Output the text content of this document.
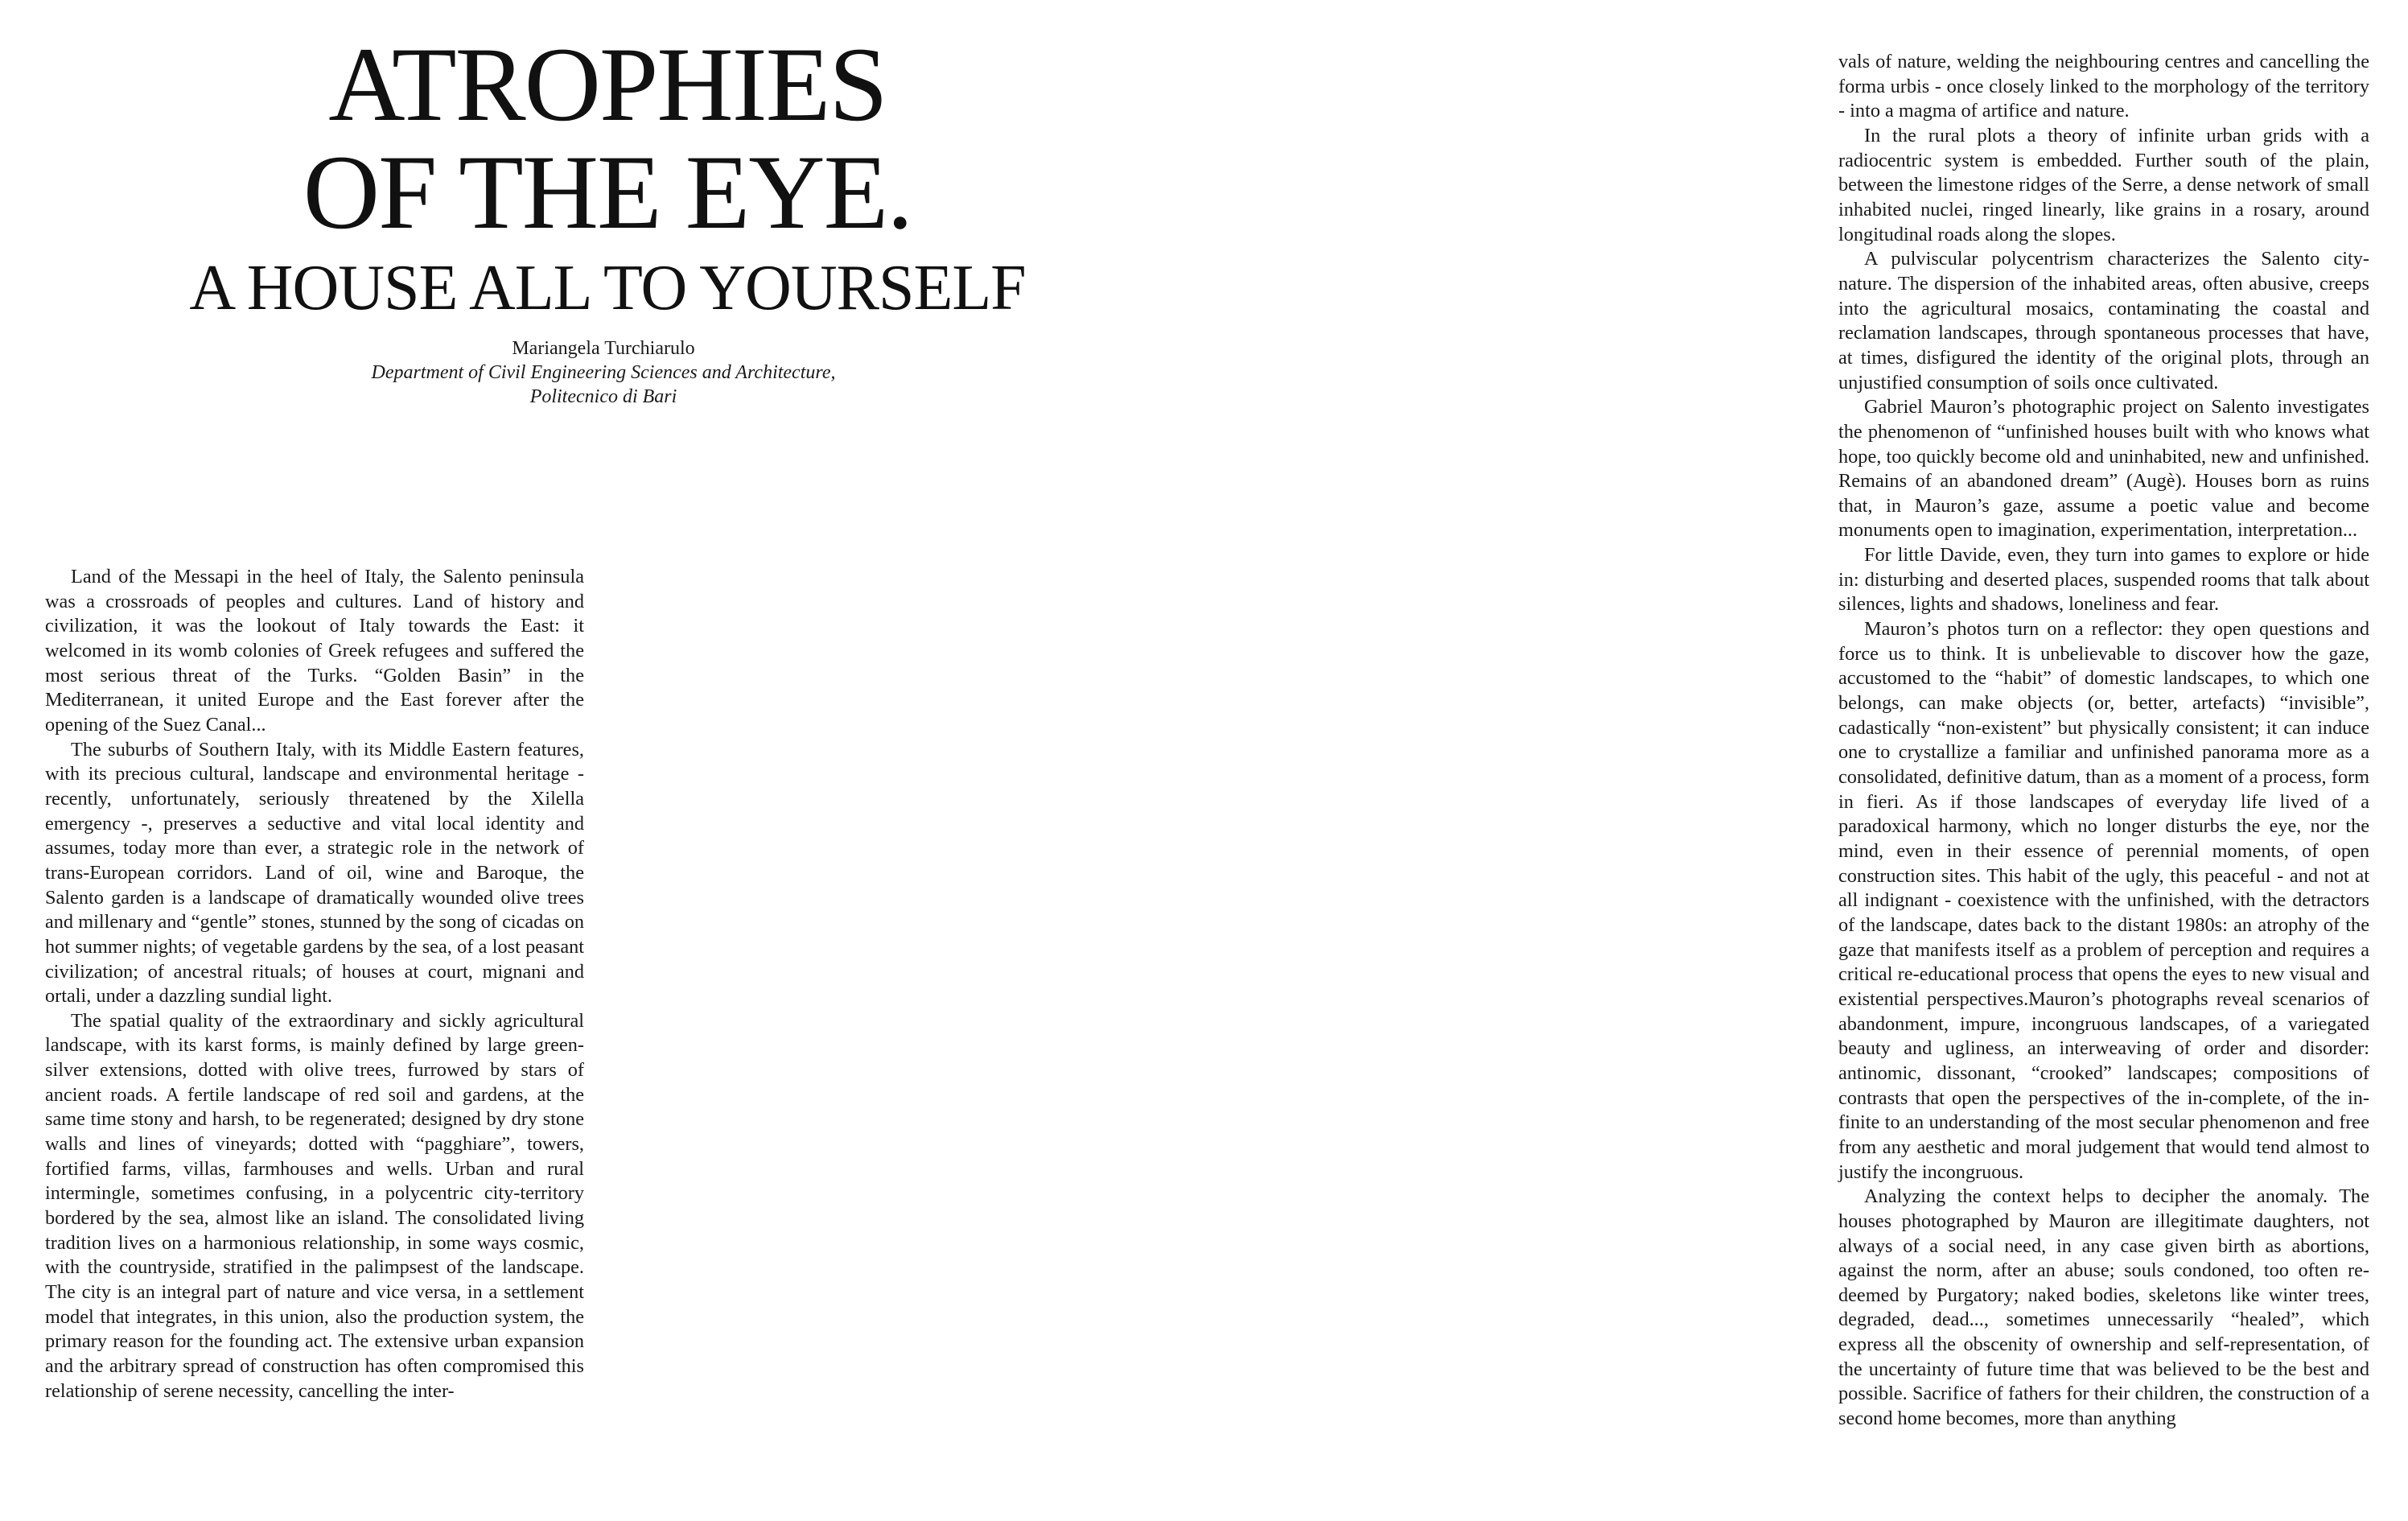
ATROPHIES
OF THE EYE.
A HOUSE ALL TO YOURSELF
Mariangela Turchiarulo
Department of Civil Engineering Sciences and Architecture,
Politecnico di Bari

Land of the Messapi in the heel of Italy, the Salento peninsula was a crossroads of peoples and cultures. Land of history and civilization, it was the lookout of Italy towards the East: it welcomed in its womb colonies of Greek refugees and suffered the most serious threat of the Turks. “Golden Basin” in the Mediterranean, it united Europe and the East forever after the opening of the Suez Canal...

The suburbs of Southern Italy, with its Middle Eastern features, with its precious cultural, landscape and environmental heritage - recently, unfortunately, seriously threatened by the Xilella emergency -, preserves a seductive and vital local identity and assumes, today more than ever, a strategic role in the network of trans-European corridors. Land of oil, wine and Baroque, the Salento garden is a landscape of dramatically wounded olive trees and millenary and “gentle” stones, stunned by the song of cicadas on hot summer nights; of vegetable gardens by the sea, of a lost peasant civilization; of ancestral rituals; of houses at court, mignani and ortali, under a dazzling sundial light.

The spatial quality of the extraordinary and sickly agricultural landscape, with its karst forms, is mainly defined by large green-silver extensions, dotted with olive trees, furrowed by stars of ancient roads. A fertile landscape of red soil and gardens, at the same time stony and harsh, to be regenerated; designed by dry stone walls and lines of vineyards; dotted with “pagghiare”, towers, fortified farms, villas, farmhouses and wells. Urban and rural intermingle, sometimes confusing, in a polycentric city-territory bordered by the sea, almost like an island. The consolidated living tradition lives on a harmonious relationship, in some ways cosmic, with the countryside, stratified in the palimpsest of the landscape. The city is an integral part of nature and vice versa, in a settlement model that integrates, in this union, also the production system, the primary reason for the founding act. The extensive urban expansion and the arbitrary spread of construction has often compromised this relationship of serene necessity, cancelling the inter-

vals of nature, welding the neighbouring centres and cancelling the forma urbis - once closely linked to the morphology of the territory - into a magma of artifice and nature.

In the rural plots a theory of infinite urban grids with a radiocentric system is embedded. Further south of the plain, between the limestone ridges of the Serre, a dense network of small inhabited nuclei, ringed linearly, like grains in a rosary, around longitudinal roads along the slopes.

A pulviscular polycentrism characterizes the Salento city-nature. The dispersion of the inhabited areas, often abusive, creeps into the agricultural mosaics, contaminating the coastal and reclamation landscapes, through spontaneous processes that have, at times, disfigured the identity of the original plots, through an unjustified consumption of soils once cultivated.

Gabriel Mauron’s photographic project on Salento investigates the phenomenon of “unfinished houses built with who knows what hope, too quickly become old and uninhabited, new and unfinished. Remains of an abandoned dream” (Augè). Houses born as ruins that, in Mauron’s gaze, assume a poetic value and become monuments open to imagination, experimentation, interpretation...

For little Davide, even, they turn into games to explore or hide in: disturbing and deserted places, suspended rooms that talk about silences, lights and shadows, loneliness and fear.

Mauron’s photos turn on a reflector: they open questions and force us to think. It is unbelievable to discover how the gaze, accustomed to the “habit” of domestic landscapes, to which one belongs, can make objects (or, better, artefacts) “invisible”, cadastically “non-existent” but physically consistent; it can induce one to crystallize a familiar and unfinished panorama more as a consolidated, definitive datum, than as a moment of a process, form in fieri. As if those landscapes of everyday life lived of a paradoxical harmony, which no longer disturbs the eye, nor the mind, even in their essence of perennial moments, of open construction sites. This habit of the ugly, this peaceful - and not at all indignant - coexistence with the unfinished, with the detractors of the landscape, dates back to the distant 1980s: an atrophy of the gaze that manifests itself as a problem of perception and requires a critical re-educational process that opens the eyes to new visual and existential perspectives.Mauron’s photographs reveal scenarios of abandonment, impure, incongruous landscapes, of a variegated beauty and ugliness, an interweaving of order and disorder: antinomic, dissonant, “crooked” landscapes; compositions of contrasts that open the perspectives of the in-complete, of the in-finite to an understanding of the most secular phenomenon and free from any aesthetic and moral judgement that would tend almost to justify the incongruous.

Analyzing the context helps to decipher the anomaly. The houses photographed by Mauron are illegitimate daughters, not always of a social need, in any case given birth as abortions, against the norm, after an abuse; souls condoned, too often redeemed by Purgatory; naked bodies, skeletons like winter trees, degraded, dead..., sometimes unnecessarily “healed”, which express all the obscenity of ownership and self-representation, of the uncertainty of future time that was believed to be the best and possible. Sacrifice of fathers for their children, the construction of a second home becomes, more than anything
